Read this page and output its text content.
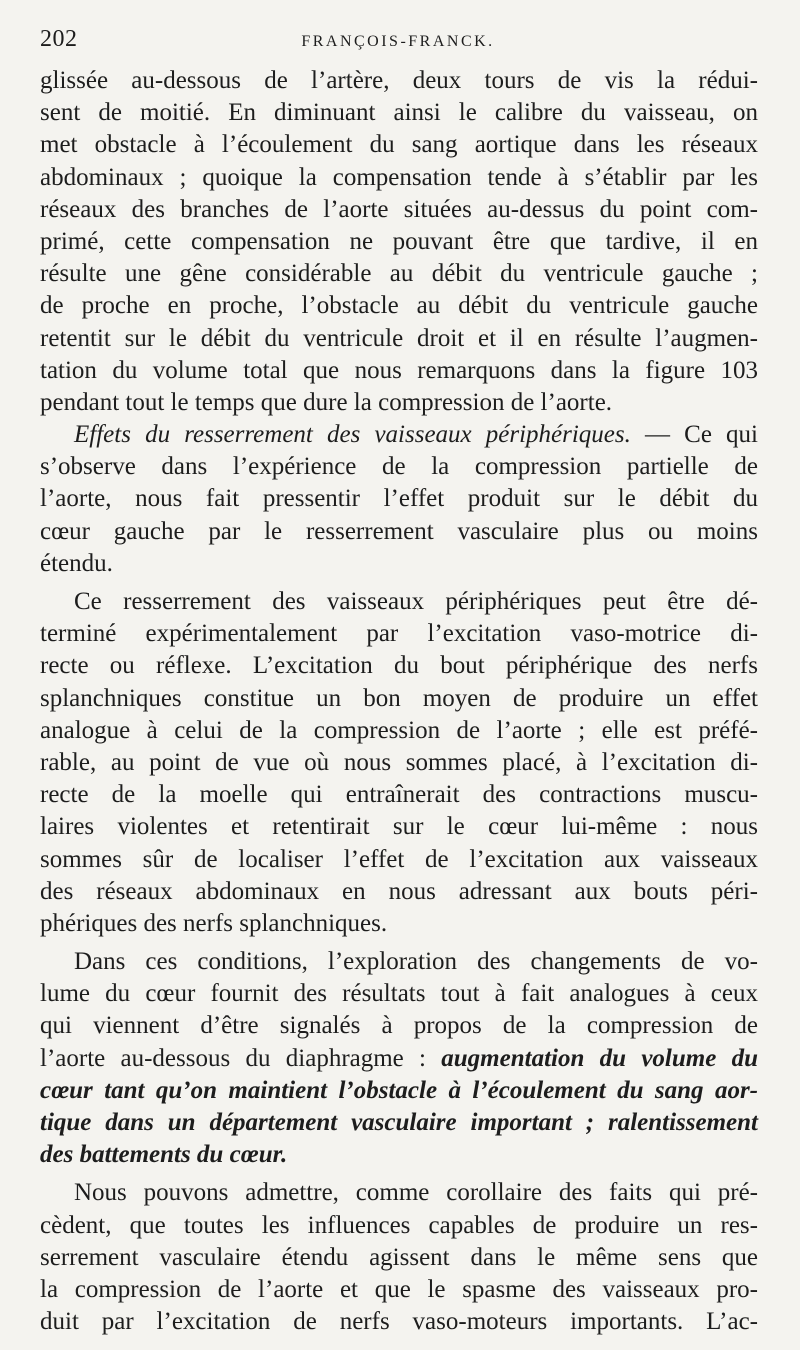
202	FRANÇOIS-FRANCK.
glissée au-dessous de l’artère, deux tours de vis la rédui-
sent de moitié. En diminuant ainsi le calibre du vaisseau, on
met obstacle à l’écoulement du sang aortique dans les réseaux
abdominaux ; quoique la compensation tende à s’établir par les
réseaux des branches de l’aorte situées au-dessus du point com-
primé, cette compensation ne pouvant être que tardive, il en
résulte une gêne considérable au débit du ventricule gauche ;
de proche en proche, l’obstacle au débit du ventricule gauche
retentit sur le débit du ventricule droit et il en résulte l’augmen-
tation du volume total que nous remarquons dans la figure 103
pendant tout le temps que dure la compression de l’aorte.
Effets du resserrement des vaisseaux périphériques. — Ce qui
s’observe dans l’expérience de la compression partielle de
l’aorte, nous fait pressentir l’effet produit sur le débit du
cœur gauche par le resserrement vasculaire plus ou moins
étendu.
Ce resserrement des vaisseaux périphériques peut être dé-
terminé expérimentalement par l’excitation vaso-motrice di-
recte ou réflexe. L’excitation du bout périphérique des nerfs
splanchniques constitue un bon moyen de produire un effet
analogue à celui de la compression de l’aorte ; elle est préfé-
rable, au point de vue où nous sommes placé, à l’excitation di-
recte de la moelle qui entraînerait des contractions muscu-
laires violentes et retentirait sur le cœur lui-même : nous
sommes sûr de localiser l’effet de l’excitation aux vaisseaux
des réseaux abdominaux en nous adressant aux bouts péri-
phériques des nerfs splanchniques.
Dans ces conditions, l’exploration des changements de vo-
lume du cœur fournit des résultats tout à fait analogues à ceux
qui viennent d’être signalés à propos de la compression de
l’aorte au-dessous du diaphragme : augmentation du volume du
cœur tant qu’on maintient l’obstacle à l’écoulement du sang aor-
tique dans un département vasculaire important ; ralentissement
des battements du cœur.
Nous pouvons admettre, comme corollaire des faits qui pré-
cèdent, que toutes les influences capables de produire un res-
serrement vasculaire étendu agissent dans le même sens que
la compression de l’aorte et que le spasme des vaisseaux pro-
duit par l’excitation de nerfs vaso-moteurs importants. L’ac-
